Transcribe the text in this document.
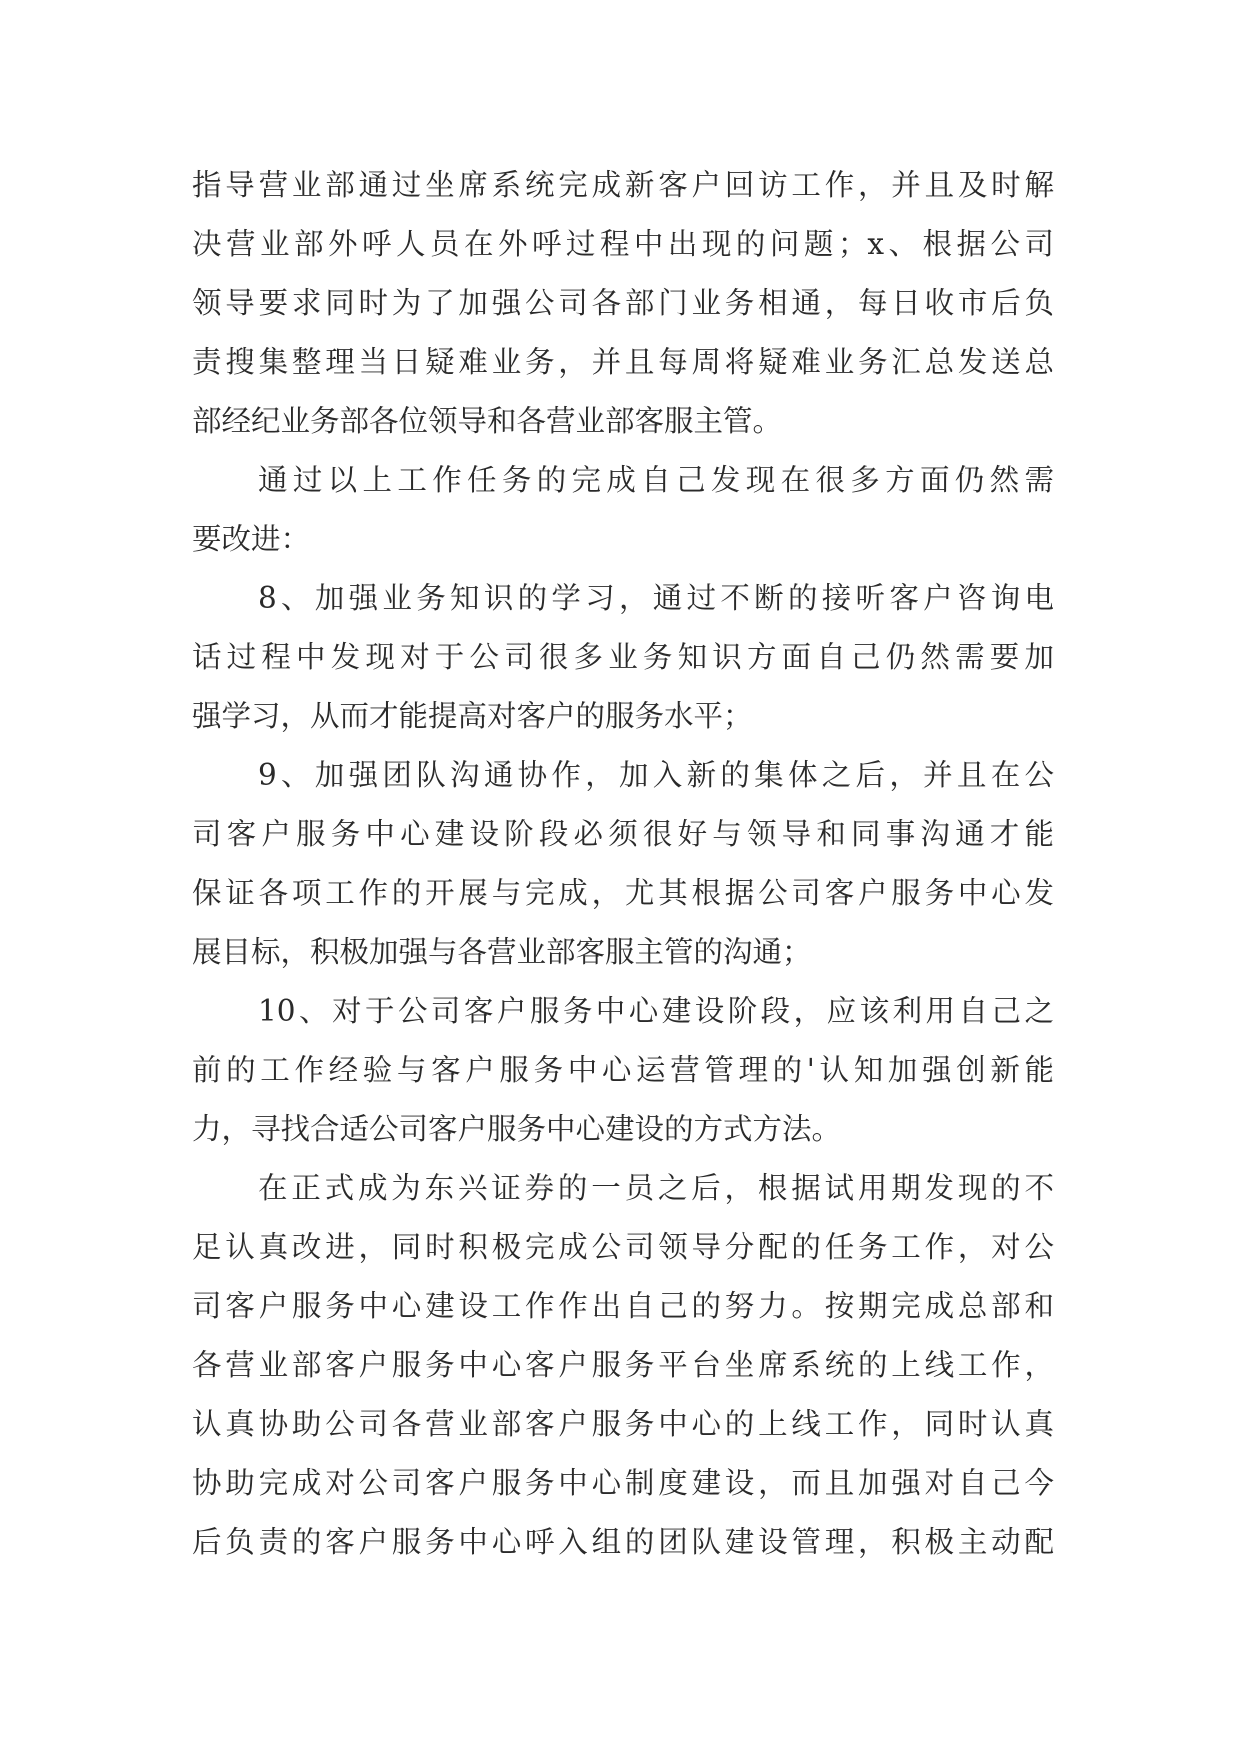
指导营业部通过坐席系统完成新客户回访工作，并且及时解
决营业部外呼人员在外呼过程中出现的问题；x、根据公司
领导要求同时为了加强公司各部门业务相通，每日收市后负
责搜集整理当日疑难业务，并且每周将疑难业务汇总发送总
部经纪业务部各位领导和各营业部客服主管。
通过以上工作任务的完成自己发现在很多方面仍然需
要改进：
8、加强业务知识的学习，通过不断的接听客户咨询电
话过程中发现对于公司很多业务知识方面自己仍然需要加
强学习，从而才能提高对客户的服务水平；
9、加强团队沟通协作，加入新的集体之后，并且在公
司客户服务中心建设阶段必须很好与领导和同事沟通才能
保证各项工作的开展与完成，尤其根据公司客户服务中心发
展目标，积极加强与各营业部客服主管的沟通；
10、对于公司客户服务中心建设阶段，应该利用自己之
前的工作经验与客户服务中心运营管理的'认知加强创新能
力，寻找合适公司客户服务中心建设的方式方法。
在正式成为东兴证券的一员之后，根据试用期发现的不
足认真改进，同时积极完成公司领导分配的任务工作，对公
司客户服务中心建设工作作出自己的努力。按期完成总部和
各营业部客户服务中心客户服务平台坐席系统的上线工作，
认真协助公司各营业部客户服务中心的上线工作，同时认真
协助完成对公司客户服务中心制度建设，而且加强对自己今
后负责的客户服务中心呼入组的团队建设管理，积极主动配
